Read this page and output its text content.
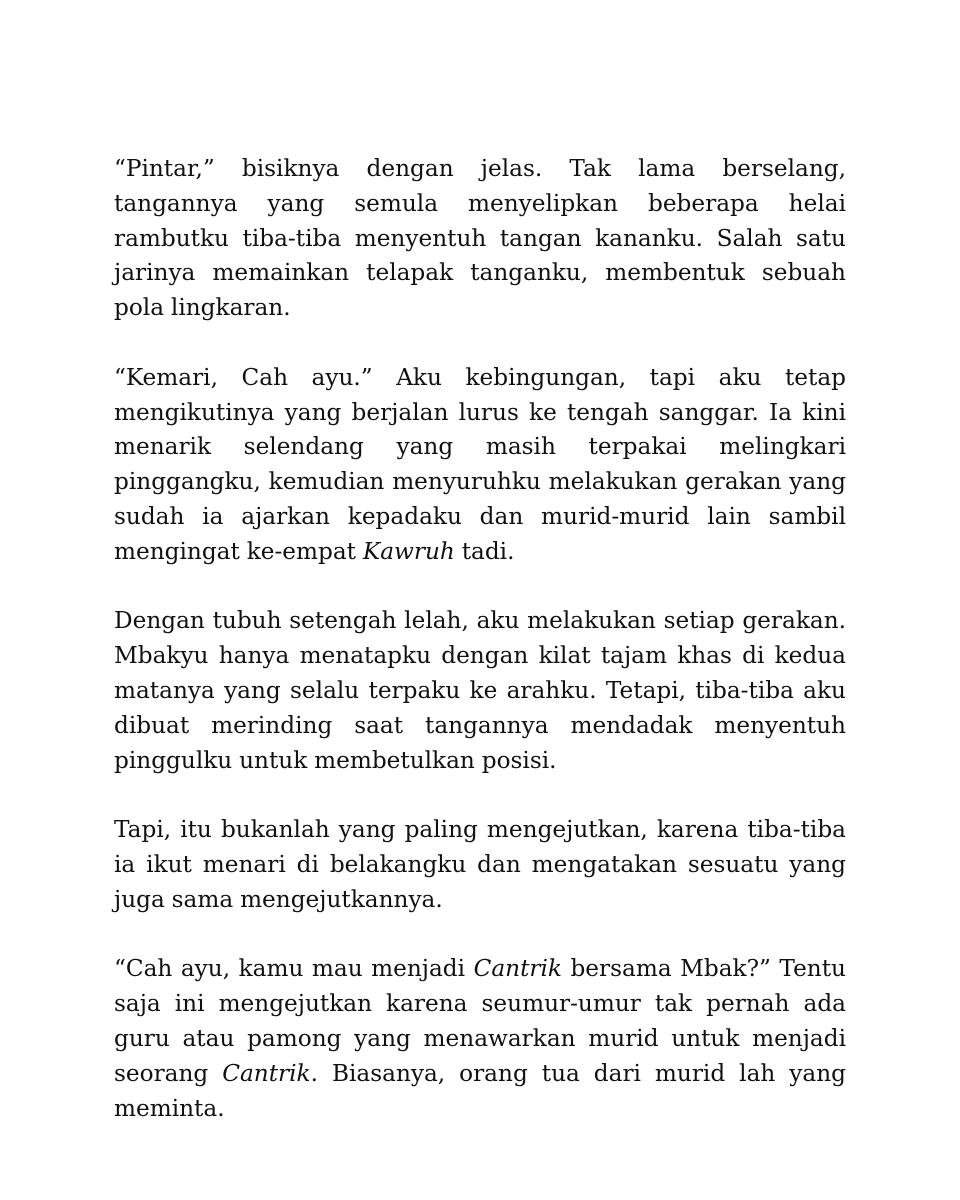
“Pintar,” bisiknya dengan jelas. Tak lama berselang, tangannya yang semula menyelipkan beberapa helai rambutku tiba-tiba menyentuh tangan kananku. Salah satu jarinya memainkan telapak tanganku, membentuk sebuah pola lingkaran.

“Kemari, Cah ayu.” Aku kebingungan, tapi aku tetap mengikutinya yang berjalan lurus ke tengah sanggar. Ia kini menarik selendang yang masih terpakai melingkari pinggangku, kemudian menyuruhku melakukan gerakan yang sudah ia ajarkan kepadaku dan murid-murid lain sambil mengingat ke-empat Kawruh tadi.

Dengan tubuh setengah lelah, aku melakukan setiap gerakan. Mbakyu hanya menatapku dengan kilat tajam khas di kedua matanya yang selalu terpaku ke arahku. Tetapi, tiba-tiba aku dibuat merinding saat tangannya mendadak menyentuh pinggulku untuk membetulkan posisi.

Tapi, itu bukanlah yang paling mengejutkan, karena tiba-tiba ia ikut menari di belakangku dan mengatakan sesuatu yang juga sama mengejutkannya.

“Cah ayu, kamu mau menjadi Cantrik bersama Mbak?” Tentu saja ini mengejutkan karena seumur-umur tak pernah ada guru atau pamong yang menawarkan murid untuk menjadi seorang Cantrik. Biasanya, orang tua dari murid lah yang meminta.
